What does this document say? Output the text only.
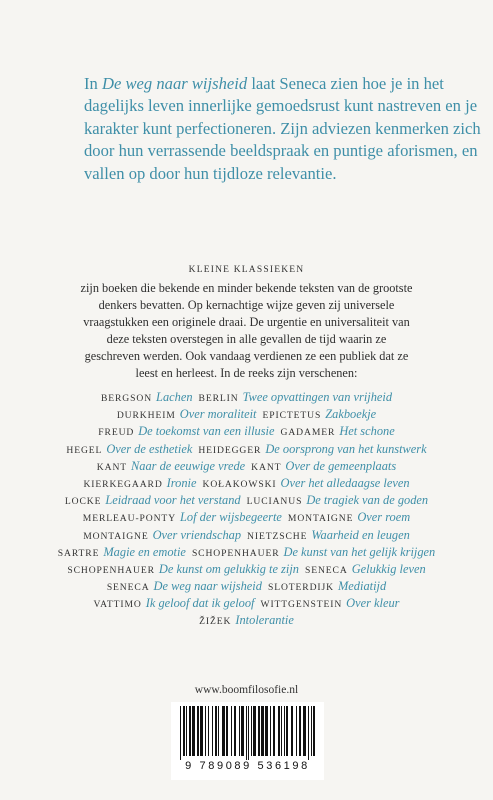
In De weg naar wijsheid laat Seneca zien hoe je in het dagelijks leven innerlijke gemoedsrust kunt nastreven en je karakter kunt perfectioneren. Zijn adviezen kenmerken zich door hun verrassende beeldspraak en puntige aforismen, en vallen op door hun tijdloze relevantie.

KLEINE KLASSIEKEN
zijn boeken die bekende en minder bekende teksten van de grootste denkers bevatten. Op kernachtige wijze geven zij universele vraagstukken een originele draai. De urgentie en universaliteit van deze teksten overstegen in alle gevallen de tijd waarin ze geschreven werden. Ook vandaag verdienen ze een publiek dat ze leest en herleest. In de reeks zijn verschenen:
BERGSON Lachen BERLIN Twee opvattingen van vrijheid
DURKHEIM Over moraliteit EPICTETUS Zakboekje
FREUD De toekomst van een illusie GADAMER Het schone
HEGEL Over de esthetiek HEIDEGGER De oorsprong van het kunstwerk
KANT Naar de eeuwige vrede KANT Over de gemeenplaats
KIERKEGAARD Ironie KOŁAKOWSKI Over het alledaagse leven
LOCKE Leidraad voor het verstand LUCIANUS De tragiek van de goden
MERLEAU-PONTY Lof der wijsbegeerte MONTAIGNE Over roem
MONTAIGNE Over vriendschap NIETZSCHE Waarheid en leugen
SARTRE Magie en emotie SCHOPENHAUER De kunst van het gelijk krijgen
SCHOPENHAUER De kunst om gelukkig te zijn SENECA Gelukkig leven
SENECA De weg naar wijsheid SLOTERDIJK Mediatijd
VATTIMO Ik geloof dat ik geloof WITTGENSTEIN Over kleur
ŽIŽEK Intolerantie
www.boomfilosofie.nl
9 789089 536198
